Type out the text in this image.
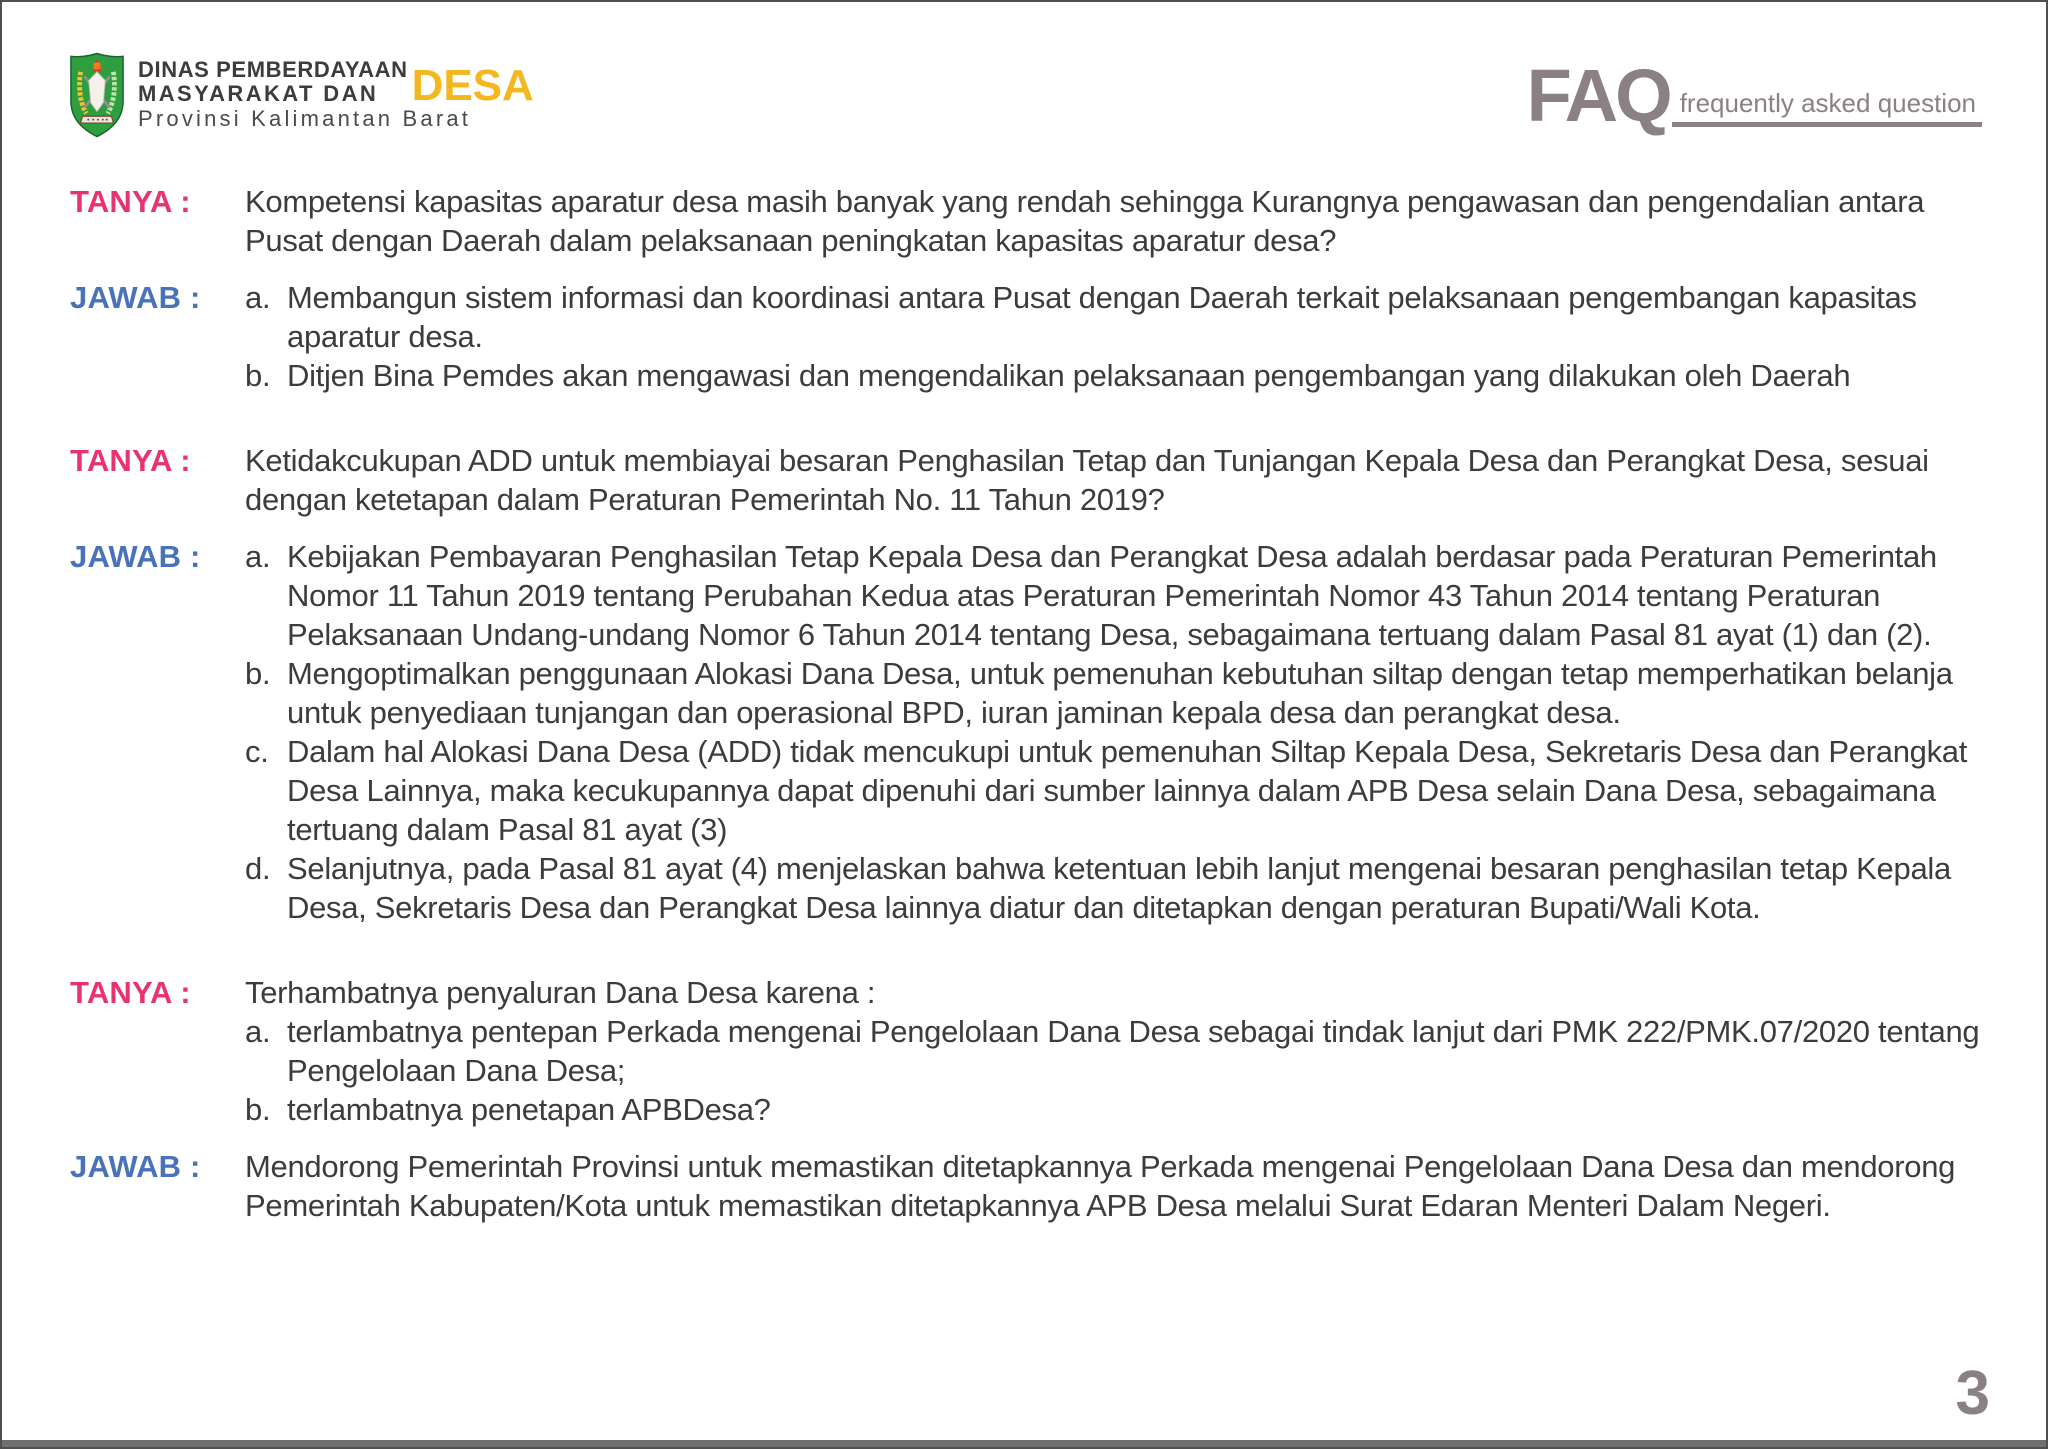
DINAS PEMBERDAYAAN
MASYARAKAT DAN DESA
Provinsi Kalimantan Barat	FAQ frequently asked question
TANYA :	Kompetensi kapasitas aparatur desa masih banyak yang rendah sehingga Kurangnya pengawasan dan pengendalian antara Pusat dengan Daerah dalam pelaksanaan peningkatan kapasitas aparatur desa?
JAWAB :	a. Membangun sistem informasi dan koordinasi antara Pusat dengan Daerah terkait pelaksanaan pengembangan kapasitas aparatur desa.
b. Ditjen Bina Pemdes akan mengawasi dan mengendalikan pelaksanaan pengembangan yang dilakukan oleh Daerah
TANYA :	Ketidakcukupan ADD untuk membiayai besaran Penghasilan Tetap dan Tunjangan Kepala Desa dan Perangkat Desa, sesuai dengan ketetapan dalam Peraturan Pemerintah No. 11 Tahun 2019?
JAWAB :	a. Kebijakan Pembayaran Penghasilan Tetap Kepala Desa dan Perangkat Desa adalah berdasar pada Peraturan Pemerintah Nomor 11 Tahun 2019 tentang Perubahan Kedua atas Peraturan Pemerintah Nomor 43 Tahun 2014 tentang Peraturan Pelaksanaan Undang-undang Nomor 6 Tahun 2014 tentang Desa, sebagaimana tertuang dalam Pasal 81 ayat (1) dan (2).
b. Mengoptimalkan penggunaan Alokasi Dana Desa, untuk pemenuhan kebutuhan siltap dengan tetap memperhatikan belanja untuk penyediaan tunjangan dan operasional BPD, iuran jaminan kepala desa dan perangkat desa.
c. Dalam hal Alokasi Dana Desa (ADD) tidak mencukupi untuk pemenuhan Siltap Kepala Desa, Sekretaris Desa dan Perangkat Desa Lainnya, maka kecukupannya dapat dipenuhi dari sumber lainnya dalam APB Desa selain Dana Desa, sebagaimana tertuang dalam Pasal 81 ayat (3)
d. Selanjutnya, pada Pasal 81 ayat (4) menjelaskan bahwa ketentuan lebih lanjut mengenai besaran penghasilan tetap Kepala Desa, Sekretaris Desa dan Perangkat Desa lainnya diatur dan ditetapkan dengan peraturan Bupati/Wali Kota.
TANYA :	Terhambatnya penyaluran Dana Desa karena :
a. terlambatnya pentepan Perkada mengenai Pengelolaan Dana Desa sebagai tindak lanjut dari PMK 222/PMK.07/2020 tentang Pengelolaan Dana Desa;
b. terlambatnya penetapan APBDesa?
JAWAB :	Mendorong Pemerintah Provinsi untuk memastikan ditetapkannya Perkada mengenai Pengelolaan Dana Desa dan mendorong Pemerintah Kabupaten/Kota untuk memastikan ditetapkannya APB Desa melalui Surat Edaran Menteri Dalam Negeri.
3
